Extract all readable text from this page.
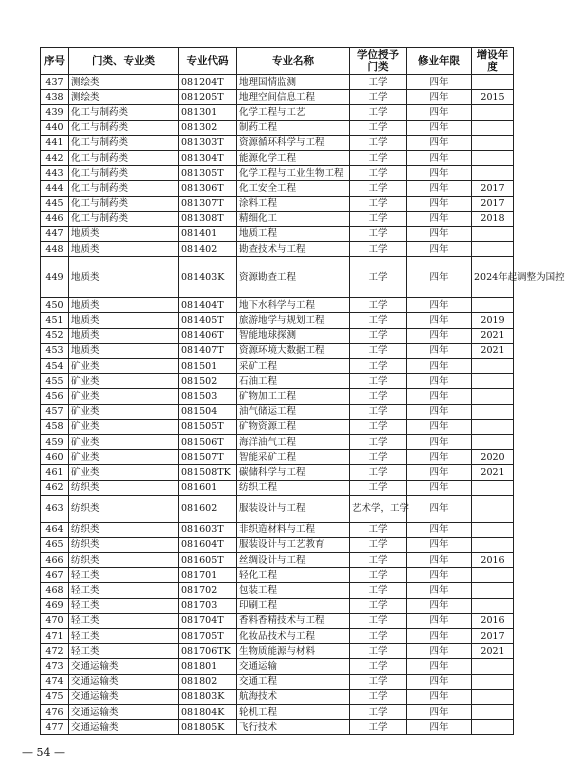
序号	门类、专业类	专业代码	专业名称	学位授予门类	修业年限	增设年度
437	测绘类	081204T	地理国情监测	工学	四年	
438	测绘类	081205T	地理空间信息工程	工学	四年	2015
439	化工与制药类	081301	化学工程与工艺	工学	四年	
440	化工与制药类	081302	制药工程	工学	四年	
441	化工与制药类	081303T	资源循环科学与工程	工学	四年	
442	化工与制药类	081304T	能源化学工程	工学	四年	
443	化工与制药类	081305T	化学工程与工业生物工程	工学	四年	
444	化工与制药类	081306T	化工安全工程	工学	四年	2017
445	化工与制药类	081307T	涂料工程	工学	四年	2017
446	化工与制药类	081308T	精细化工	工学	四年	2018
447	地质类	081401	地质工程	工学	四年	
448	地质类	081402	勘查技术与工程	工学	四年	
449	地质类	081403K	资源勘查工程	工学	四年	2024年起调整为国控
450	地质类	081404T	地下水科学与工程	工学	四年	
451	地质类	081405T	旅游地学与规划工程	工学	四年	2019
452	地质类	081406T	智能地球探测	工学	四年	2021
453	地质类	081407T	资源环境大数据工程	工学	四年	2021
454	矿业类	081501	采矿工程	工学	四年	
455	矿业类	081502	石油工程	工学	四年	
456	矿业类	081503	矿物加工工程	工学	四年	
457	矿业类	081504	油气储运工程	工学	四年	
458	矿业类	081505T	矿物资源工程	工学	四年	
459	矿业类	081506T	海洋油气工程	工学	四年	
460	矿业类	081507T	智能采矿工程	工学	四年	2020
461	矿业类	081508TK	碳储科学与工程	工学	四年	2021
462	纺织类	081601	纺织工程	工学	四年	
463	纺织类	081602	服装设计与工程	艺术学，工学	四年	
464	纺织类	081603T	非织造材料与工程	工学	四年	
465	纺织类	081604T	服装设计与工艺教育	工学	四年	
466	纺织类	081605T	丝绸设计与工程	工学	四年	2016
467	轻工类	081701	轻化工程	工学	四年	
468	轻工类	081702	包装工程	工学	四年	
469	轻工类	081703	印刷工程	工学	四年	
470	轻工类	081704T	香料香精技术与工程	工学	四年	2016
471	轻工类	081705T	化妆品技术与工程	工学	四年	2017
472	轻工类	081706TK	生物质能源与材料	工学	四年	2021
473	交通运输类	081801	交通运输	工学	四年	
474	交通运输类	081802	交通工程	工学	四年	
475	交通运输类	081803K	航海技术	工学	四年	
476	交通运输类	081804K	轮机工程	工学	四年	
477	交通运输类	081805K	飞行技术	工学	四年	
— 54 —
